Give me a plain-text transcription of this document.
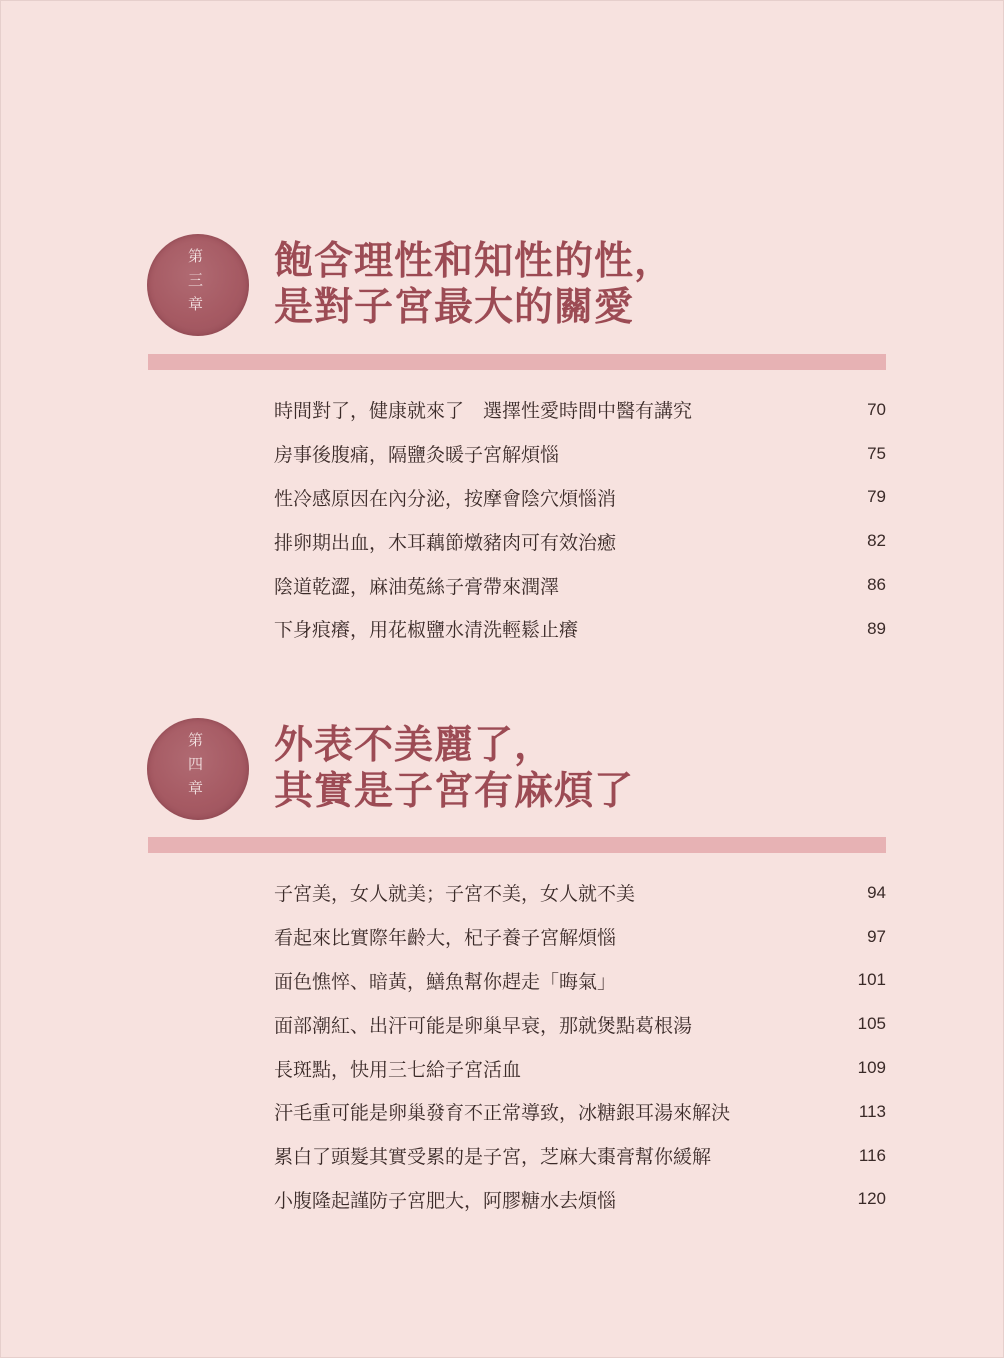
第三章 飽含理性和知性的性，
是對子宮最大的關愛
時間對了，健康就來了　選擇性愛時間中醫有講究	70
房事後腹痛，隔鹽灸暖子宮解煩惱	75
性冷感原因在內分泌，按摩會陰穴煩惱消	79
排卵期出血，木耳藕節燉豬肉可有效治癒	82
陰道乾澀，麻油菟絲子膏帶來潤澤	86
下身痕癢，用花椒鹽水清洗輕鬆止癢	89
第四章 外表不美麗了，
其實是子宮有麻煩了
子宮美，女人就美；子宮不美，女人就不美	94
看起來比實際年齡大，杞子養子宮解煩惱	97
面色憔悴、暗黃，鱔魚幫你趕走「晦氣」	101
面部潮紅、出汗可能是卵巢早衰，那就煲點葛根湯	105
長斑點，快用三七給子宮活血	109
汗毛重可能是卵巢發育不正常導致，冰糖銀耳湯來解決	113
累白了頭髮其實受累的是子宮，芝麻大棗膏幫你緩解	116
小腹隆起謹防子宮肥大，阿膠糖水去煩惱	120
